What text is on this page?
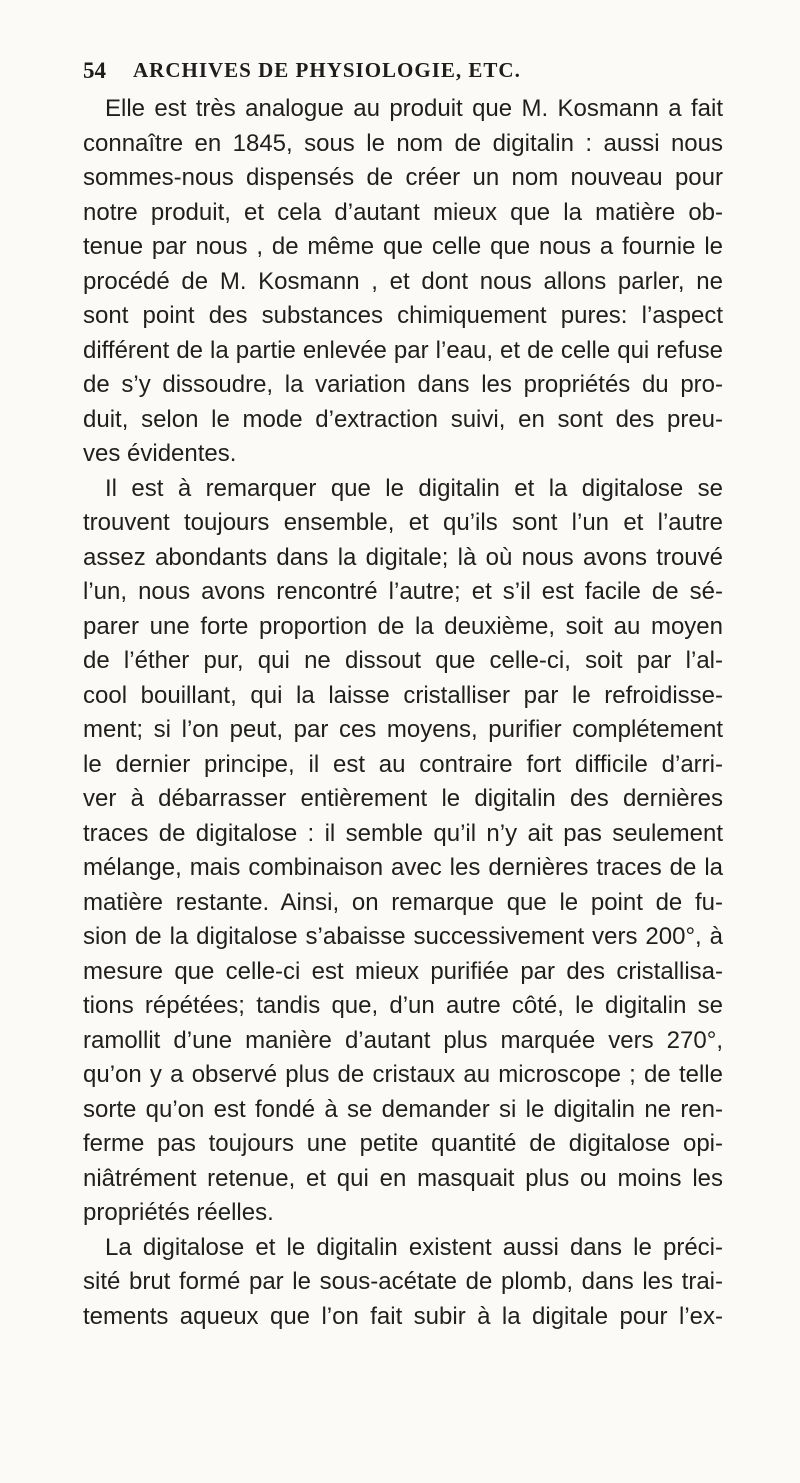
54 ARCHIVES DE PHYSIOLOGIE, ETC.
Elle est très analogue au produit que M. Kosmann a fait
connaître en 1845, sous le nom de digitalin : aussi nous
sommes-nous dispensés de créer un nom nouveau pour
notre produit, et cela d’autant mieux que la matière ob-
tenue par nous , de même que celle que nous a fournie le
procédé de M. Kosmann , et dont nous allons parler, ne
sont point des substances chimiquement pures: l’aspect
différent de la partie enlevée par l’eau, et de celle qui refuse
de s’y dissoudre, la variation dans les propriétés du pro-
duit, selon le mode d’extraction suivi, en sont des preu-
ves évidentes.
Il est à remarquer que le digitalin et la digitalose se
trouvent toujours ensemble, et qu’ils sont l’un et l’autre
assez abondants dans la digitale; là où nous avons trouvé
l’un, nous avons rencontré l’autre; et s’il est facile de sé-
parer une forte proportion de la deuxième, soit au moyen
de l’éther pur, qui ne dissout que celle-ci, soit par l’al-
cool bouillant, qui la laisse cristalliser par le refroidisse-
ment; si l’on peut, par ces moyens, purifier complétement
le dernier principe, il est au contraire fort difficile d’arri-
ver à débarrasser entièrement le digitalin des dernières
traces de digitalose : il semble qu’il n’y ait pas seulement
mélange, mais combinaison avec les dernières traces de la
matière restante. Ainsi, on remarque que le point de fu-
sion de la digitalose s’abaisse successivement vers 200°, à
mesure que celle-ci est mieux purifiée par des cristallisa-
tions répétées; tandis que, d’un autre côté, le digitalin se
ramollit d’une manière d’autant plus marquée vers 270°,
qu’on y a observé plus de cristaux au microscope ; de telle
sorte qu’on est fondé à se demander si le digitalin ne ren-
ferme pas toujours une petite quantité de digitalose opi-
niâtrément retenue, et qui en masquait plus ou moins les
propriétés réelles.
La digitalose et le digitalin existent aussi dans le préci-
sité brut formé par le sous-acétate de plomb, dans les trai-
tements aqueux que l’on fait subir à la digitale pour l’ex-
